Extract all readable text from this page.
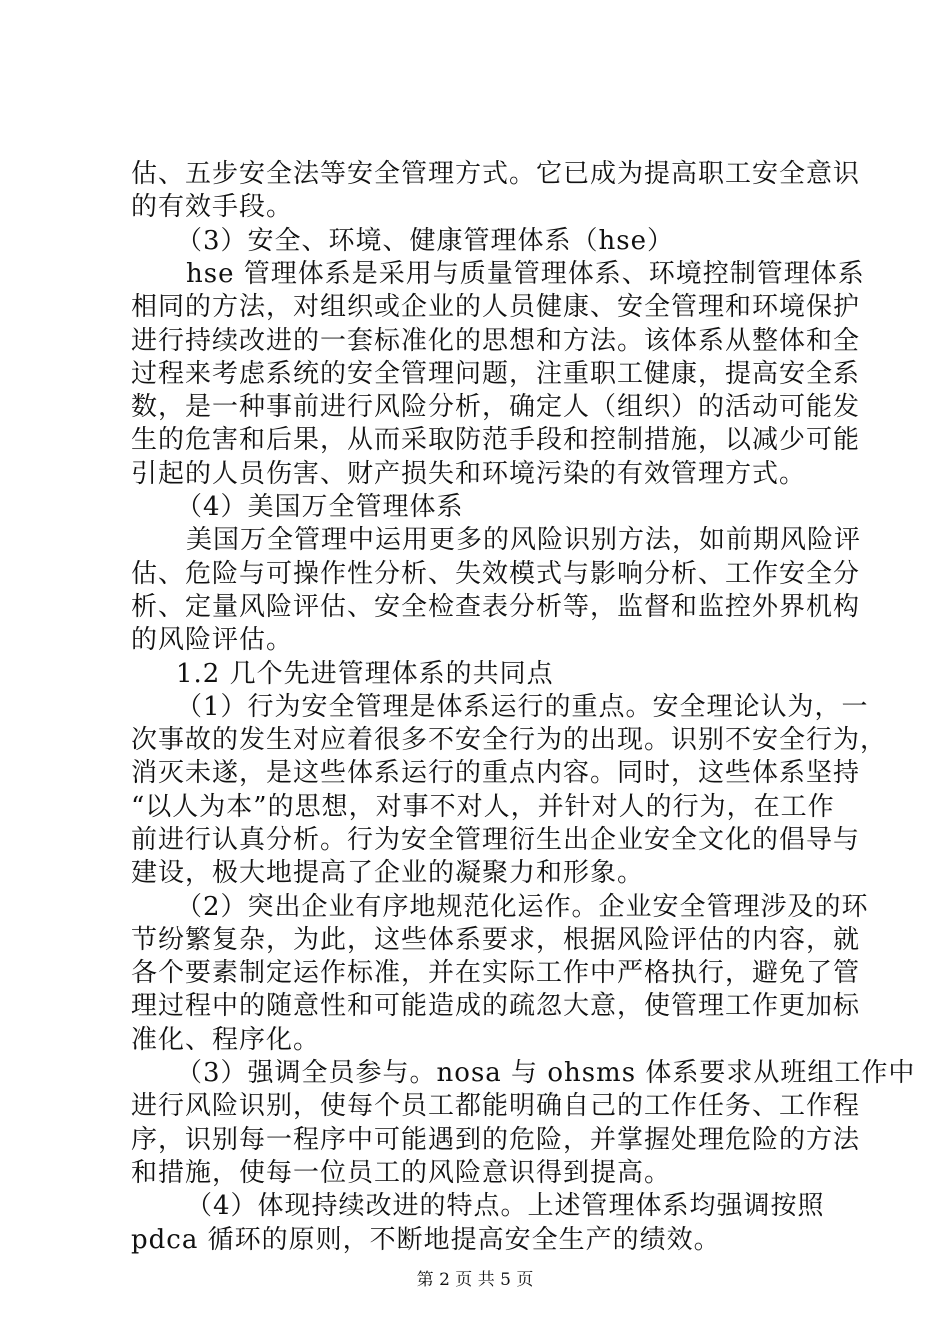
估、五步安全法等安全管理方式。它已成为提高职工安全意识
的有效手段。
（3）安全、环境、健康管理体系（hse）
hse 管理体系是采用与质量管理体系、环境控制管理体系
相同的方法，对组织或企业的人员健康、安全管理和环境保护
进行持续改进的一套标准化的思想和方法。该体系从整体和全
过程来考虑系统的安全管理问题，注重职工健康，提高安全系
数，是一种事前进行风险分析，确定人（组织）的活动可能发
生的危害和后果，从而采取防范手段和控制措施，以减少可能
引起的人员伤害、财产损失和环境污染的有效管理方式。
（4）美国万全管理体系
美国万全管理中运用更多的风险识别方法，如前期风险评
估、危险与可操作性分析、失效模式与影响分析、工作安全分
析、定量风险评估、安全检查表分析等，监督和监控外界机构
的风险评估。
1.2 几个先进管理体系的共同点
（1）行为安全管理是体系运行的重点。安全理论认为，一
次事故的发生对应着很多不安全行为的出现。识别不安全行为，
消灭未遂，是这些体系运行的重点内容。同时，这些体系坚持
“以人为本”的思想，对事不对人，并针对人的行为，在工作
前进行认真分析。行为安全管理衍生出企业安全文化的倡导与
建设，极大地提高了企业的凝聚力和形象。
（2）突出企业有序地规范化运作。企业安全管理涉及的环
节纷繁复杂，为此，这些体系要求，根据风险评估的内容，就
各个要素制定运作标准，并在实际工作中严格执行，避免了管
理过程中的随意性和可能造成的疏忽大意，使管理工作更加标
准化、程序化。
（3）强调全员参与。nosa 与 ohsms 体系要求从班组工作中
进行风险识别，使每个员工都能明确自己的工作任务、工作程
序，识别每一程序中可能遇到的危险，并掌握处理危险的方法
和措施，使每一位员工的风险意识得到提高。
（4）体现持续改进的特点。上述管理体系均强调按照
pdca 循环的原则，不断地提高安全生产的绩效。
第 2 页 共 5 页
